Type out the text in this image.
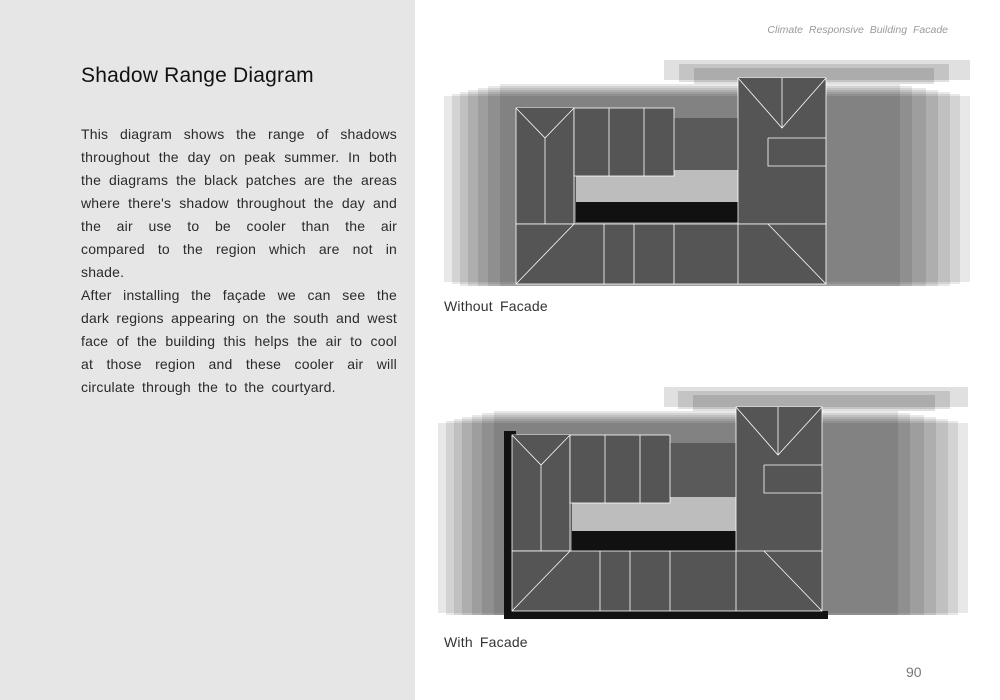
Shadow Range Diagram

This diagram shows the range of shadows throughout the day on peak summer. In both the diagrams the black patches are the areas where there's shadow throughout the day and the air use to be cooler than the air compared to the region which are not in shade.

After installing the façade we can see the dark regions appearing on the south and west face of the building this helps the air to cool at those region and these cooler air will circulate through the to the courtyard.

Climate Responsive Building Facade
Without Facade
With Facade
90
